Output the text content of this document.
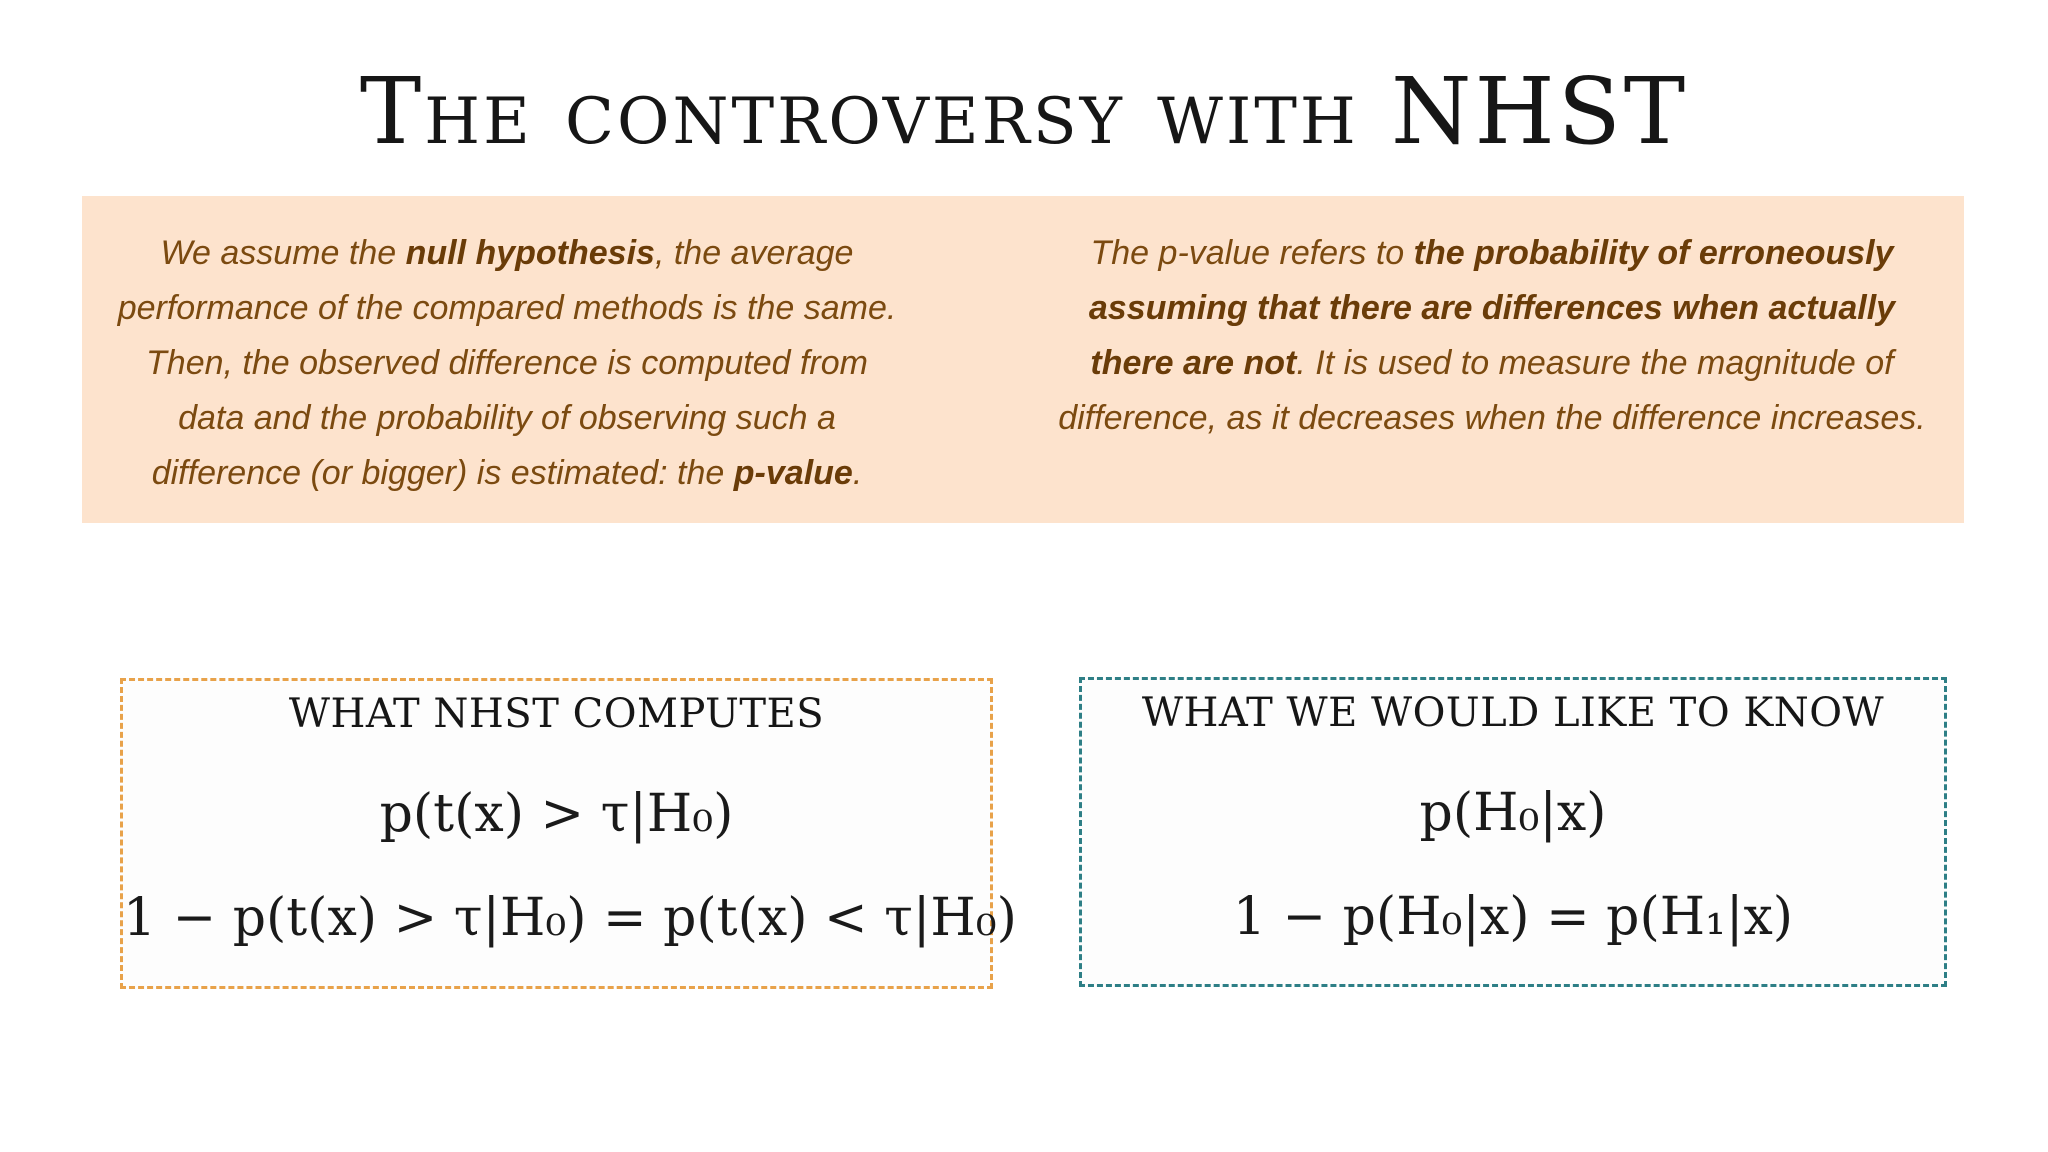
The controversy with NHST
We assume the null hypothesis, the average performance of the compared methods is the same. Then, the observed difference is computed from data and the probability of observing such a difference (or bigger) is estimated: the p-value.
The p-value refers to the probability of erroneously assuming that there are differences when actually there are not. It is used to measure the magnitude of difference, as it decreases when the difference increases.
WHAT NHST COMPUTES
p(t(x) > τ|H₀)
1 − p(t(x) > τ|H₀) = p(t(x) < τ|H₀)
WHAT WE WOULD LIKE TO KNOW
p(H₀|x)
1 − p(H₀|x) = p(H₁|x)
